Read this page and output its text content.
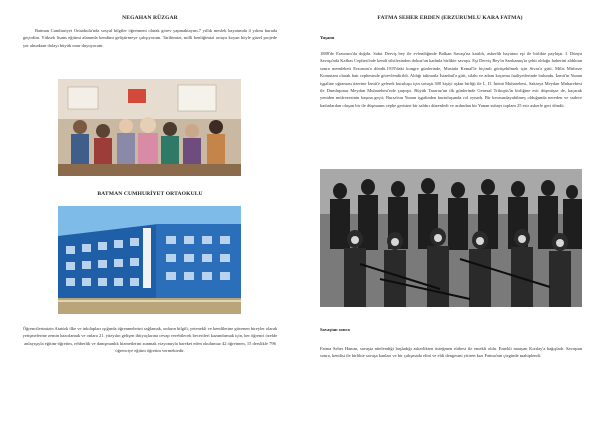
NEGAHAN RÜZGAR
Batman Cumhuriyet Ortaokulu'nda sosyal bilgiler öğretmeni olarak görev yapmaktayım.7 yıllık meslek hayatımda 4 yılımı burada geçirdim. Yüksek lisans eğitimi alanında kendimi geliştirmeye çalışıyorum. Tarihimizi, milli benliğimizi ortaya koyan böyle güzel projede yer almaktan dolayı büyük onur duyuyorum.
BATMAN CUMHURİYET ORTAOKULU
Öğrencilerimizin Atatürk ilke ve inkılapları ışığında öğrenmelerini sağlamak, onların bilgili, yetenekli ve kendilerine güvenen bireyler olarak yetişmelerine zemin hazırlamak ve onlara 21. yüzyılın gelişen ihtiyaçlarına cevap verebilecek becerileri kazandırmak için, her öğrenci özelde anlayışıyla eğitim-öğretim, rehberlik ve danışmanlık hizmetlerini sunmak vizyonuyla hareket eden okulumuz 42 öğretmen, 15 derslikle 796 öğrenciye eğitim öğretim vermektedir.
FATMA SEHER ERDEN (ERZURUMLU KARA FATMA)
Yaşamı
1888'de Erzurum'da doğdu. Sabıt Derviş bey ile evlendiğinde Balkan Savaşı'na katıldı, askerlik hayatını eşi ile birlikte paylaştı. I. Dünya Savaşı'nda Kafkas Cephesi'nde kendi silsilesinden dokuz'un kadınla birlikte savaştı. Eşi Derviş Bey'in Sarıkamış'ta şehit olduğu haberini aldıktan sonra memleketi Erzurum'a döndü.1919'daki kongre günlerinde, Mustafa Kemal'le biçimli görüşebilmek için Sivas'a gitti. Milis Müfreze Komutanı olarak batı cephesinde görevlendirildi. Aldığı talimatla İstanbul'a gitti, silahı ve adam kaçırma faaliyetlerinde bulundu. İzmit'in Yunan işgaline uğraması üzerine İzmit'e gelerek kuruluşu için savaştı.300 kişiyi aşkın birliği ile I., II. İnönü Muharebesi, Sakarya Meydan Muharebesi ile Dumlupınar Meydan Muharebesi'nde çarpıştı. Büyük Taarruz'un ilk günlerinde General Trikopis'in birliğine esir düşmüşse de, kaçarak yeniden müfrezesinin başına geçti; Bursa'nın Yunan işgalinden kurtuluşunda rol oynadı. Bir kerasındayabilmeş olduğunda nereden ve sadece kadınlardan oluşan bir ile düşmanın cephe gerisine bir saldırı düzenledi ve ardından bir Yunan subayı toplam 25 esir askerle geri döndü.
Savaştan sonra
Fatma Seher Hanım, savaşta nitelendiği başladığı askerlikten üsteğmen rütbesi ile emekli oldu. Emekli maaşını Kızılay'a bağışladı. Savaştan sonra, kendisi ile birlikte savaşa kanları ve bir çalışmada elini ve eldi dengesini yitiren kızı Fatma'nın çizginde mahiplendi.
